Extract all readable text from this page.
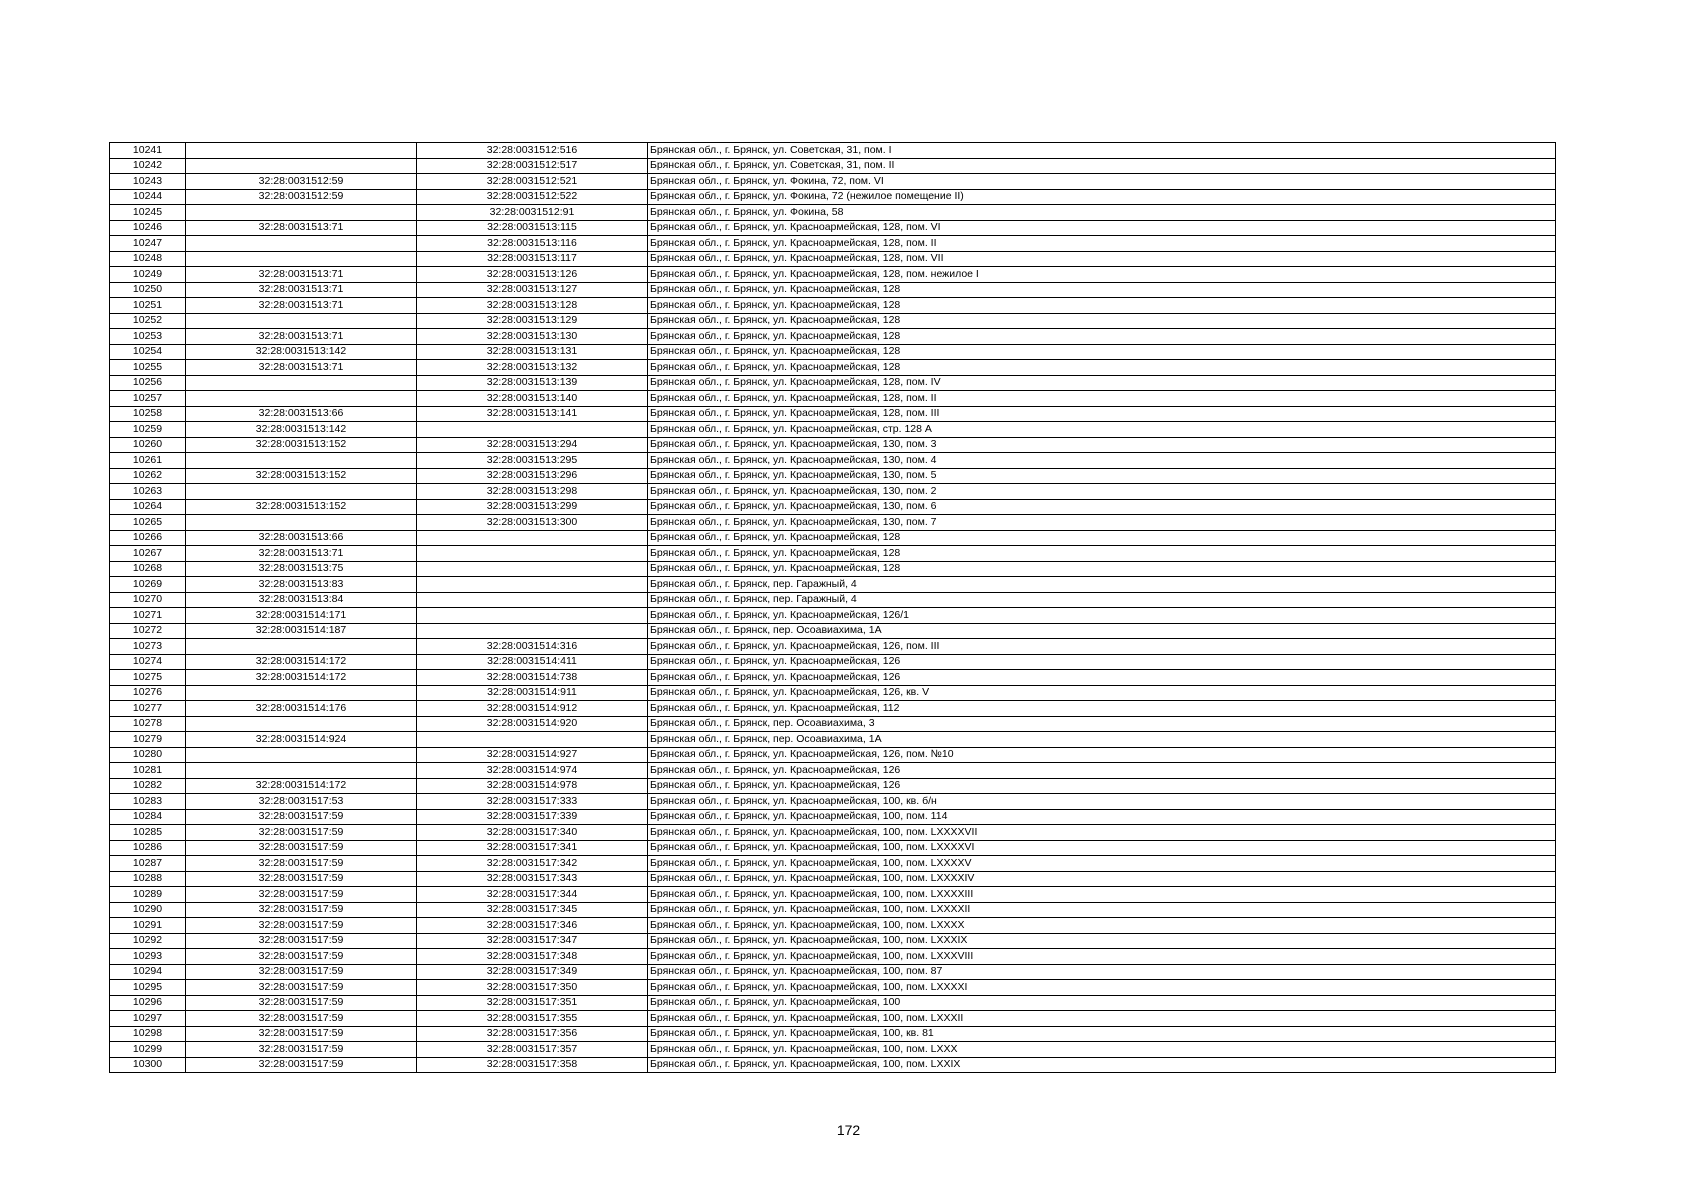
10241		32:28:0031512:516	Брянская обл., г. Брянск, ул. Советская, 31, пом. I
10242		32:28:0031512:517	Брянская обл., г. Брянск, ул. Советская, 31, пом. II
10243	32:28:0031512:59	32:28:0031512:521	Брянская обл., г. Брянск, ул. Фокина, 72, пом. VI
10244	32:28:0031512:59	32:28:0031512:522	Брянская обл., г. Брянск, ул. Фокина, 72 (нежилое помещение II)
10245		32:28:0031512:91	Брянская обл., г. Брянск, ул. Фокина, 58
10246	32:28:0031513:71	32:28:0031513:115	Брянская обл., г. Брянск, ул. Красноармейская, 128, пом. VI
10247		32:28:0031513:116	Брянская обл., г. Брянск, ул. Красноармейская, 128, пом. II
10248		32:28:0031513:117	Брянская обл., г. Брянск, ул. Красноармейская, 128, пом. VII
10249	32:28:0031513:71	32:28:0031513:126	Брянская обл., г. Брянск, ул. Красноармейская, 128, пом. нежилое I
10250	32:28:0031513:71	32:28:0031513:127	Брянская обл., г. Брянск, ул. Красноармейская, 128
10251	32:28:0031513:71	32:28:0031513:128	Брянская обл., г. Брянск, ул. Красноармейская, 128
10252		32:28:0031513:129	Брянская обл., г. Брянск, ул. Красноармейская, 128
10253	32:28:0031513:71	32:28:0031513:130	Брянская обл., г. Брянск, ул. Красноармейская, 128
10254	32:28:0031513:142	32:28:0031513:131	Брянская обл., г. Брянск, ул. Красноармейская, 128
10255	32:28:0031513:71	32:28:0031513:132	Брянская обл., г. Брянск, ул. Красноармейская, 128
10256		32:28:0031513:139	Брянская обл., г. Брянск, ул. Красноармейская, 128, пом. IV
10257		32:28:0031513:140	Брянская обл., г. Брянск, ул. Красноармейская, 128, пом. II
10258	32:28:0031513:66	32:28:0031513:141	Брянская обл., г. Брянск, ул. Красноармейская, 128, пом. III
10259	32:28:0031513:142		Брянская обл., г. Брянск, ул. Красноармейская, стр. 128 А
10260	32:28:0031513:152	32:28:0031513:294	Брянская обл., г. Брянск, ул. Красноармейская, 130, пом. 3
10261		32:28:0031513:295	Брянская обл., г. Брянск, ул. Красноармейская, 130, пом. 4
10262	32:28:0031513:152	32:28:0031513:296	Брянская обл., г. Брянск, ул. Красноармейская, 130, пом. 5
10263		32:28:0031513:298	Брянская обл., г. Брянск, ул. Красноармейская, 130, пом. 2
10264	32:28:0031513:152	32:28:0031513:299	Брянская обл., г. Брянск, ул. Красноармейская, 130, пом. 6
10265		32:28:0031513:300	Брянская обл., г. Брянск, ул. Красноармейская, 130, пом. 7
10266	32:28:0031513:66		Брянская обл., г. Брянск, ул. Красноармейская, 128
10267	32:28:0031513:71		Брянская обл., г. Брянск, ул. Красноармейская, 128
10268	32:28:0031513:75		Брянская обл., г. Брянск, ул. Красноармейская, 128
10269	32:28:0031513:83		Брянская обл., г. Брянск, пер. Гаражный, 4
10270	32:28:0031513:84		Брянская обл., г. Брянск, пер. Гаражный, 4
10271	32:28:0031514:171		Брянская обл., г. Брянск, ул. Красноармейская, 126/1
10272	32:28:0031514:187		Брянская обл., г. Брянск, пер. Осоавиахима, 1А
10273		32:28:0031514:316	Брянская обл., г. Брянск, ул. Красноармейская, 126, пом. III
10274	32:28:0031514:172	32:28:0031514:411	Брянская обл., г. Брянск, ул. Красноармейская, 126
10275	32:28:0031514:172	32:28:0031514:738	Брянская обл., г. Брянск, ул. Красноармейская, 126
10276		32:28:0031514:911	Брянская обл., г. Брянск, ул. Красноармейская, 126, кв. V
10277	32:28:0031514:176	32:28:0031514:912	Брянская обл., г. Брянск, ул. Красноармейская, 112
10278		32:28:0031514:920	Брянская обл., г. Брянск, пер. Осоавиахима, 3
10279	32:28:0031514:924		Брянская обл., г. Брянск, пер. Осоавиахима, 1А
10280		32:28:0031514:927	Брянская обл., г. Брянск, ул. Красноармейская, 126, пом. №10
10281		32:28:0031514:974	Брянская обл., г. Брянск, ул. Красноармейская, 126
10282	32:28:0031514:172	32:28:0031514:978	Брянская обл., г. Брянск, ул. Красноармейская, 126
10283	32:28:0031517:53	32:28:0031517:333	Брянская обл., г. Брянск, ул. Красноармейская, 100, кв. б/н
10284	32:28:0031517:59	32:28:0031517:339	Брянская обл., г. Брянск, ул. Красноармейская, 100, пом. 114
10285	32:28:0031517:59	32:28:0031517:340	Брянская обл., г. Брянск, ул. Красноармейская, 100, пом. LXXXXVII
10286	32:28:0031517:59	32:28:0031517:341	Брянская обл., г. Брянск, ул. Красноармейская, 100, пом. LXXXXVI
10287	32:28:0031517:59	32:28:0031517:342	Брянская обл., г. Брянск, ул. Красноармейская, 100, пом. LXXXXV
10288	32:28:0031517:59	32:28:0031517:343	Брянская обл., г. Брянск, ул. Красноармейская, 100, пом. LXXXXIV
10289	32:28:0031517:59	32:28:0031517:344	Брянская обл., г. Брянск, ул. Красноармейская, 100, пом. LXXXXIII
10290	32:28:0031517:59	32:28:0031517:345	Брянская обл., г. Брянск, ул. Красноармейская, 100, пом. LXXXXII
10291	32:28:0031517:59	32:28:0031517:346	Брянская обл., г. Брянск, ул. Красноармейская, 100, пом. LXXXX
10292	32:28:0031517:59	32:28:0031517:347	Брянская обл., г. Брянск, ул. Красноармейская, 100, пом. LXXXIX
10293	32:28:0031517:59	32:28:0031517:348	Брянская обл., г. Брянск, ул. Красноармейская, 100, пом. LXXXVIII
10294	32:28:0031517:59	32:28:0031517:349	Брянская обл., г. Брянск, ул. Красноармейская, 100, пом. 87
10295	32:28:0031517:59	32:28:0031517:350	Брянская обл., г. Брянск, ул. Красноармейская, 100, пом. LXXXXI
10296	32:28:0031517:59	32:28:0031517:351	Брянская обл., г. Брянск, ул. Красноармейская, 100
10297	32:28:0031517:59	32:28:0031517:355	Брянская обл., г. Брянск, ул. Красноармейская, 100, пом. LXXXII
10298	32:28:0031517:59	32:28:0031517:356	Брянская обл., г. Брянск, ул. Красноармейская, 100, кв. 81
10299	32:28:0031517:59	32:28:0031517:357	Брянская обл., г. Брянск, ул. Красноармейская, 100, пом. LXXX
10300	32:28:0031517:59	32:28:0031517:358	Брянская обл., г. Брянск, ул. Красноармейская, 100, пом. LXXIX
172
